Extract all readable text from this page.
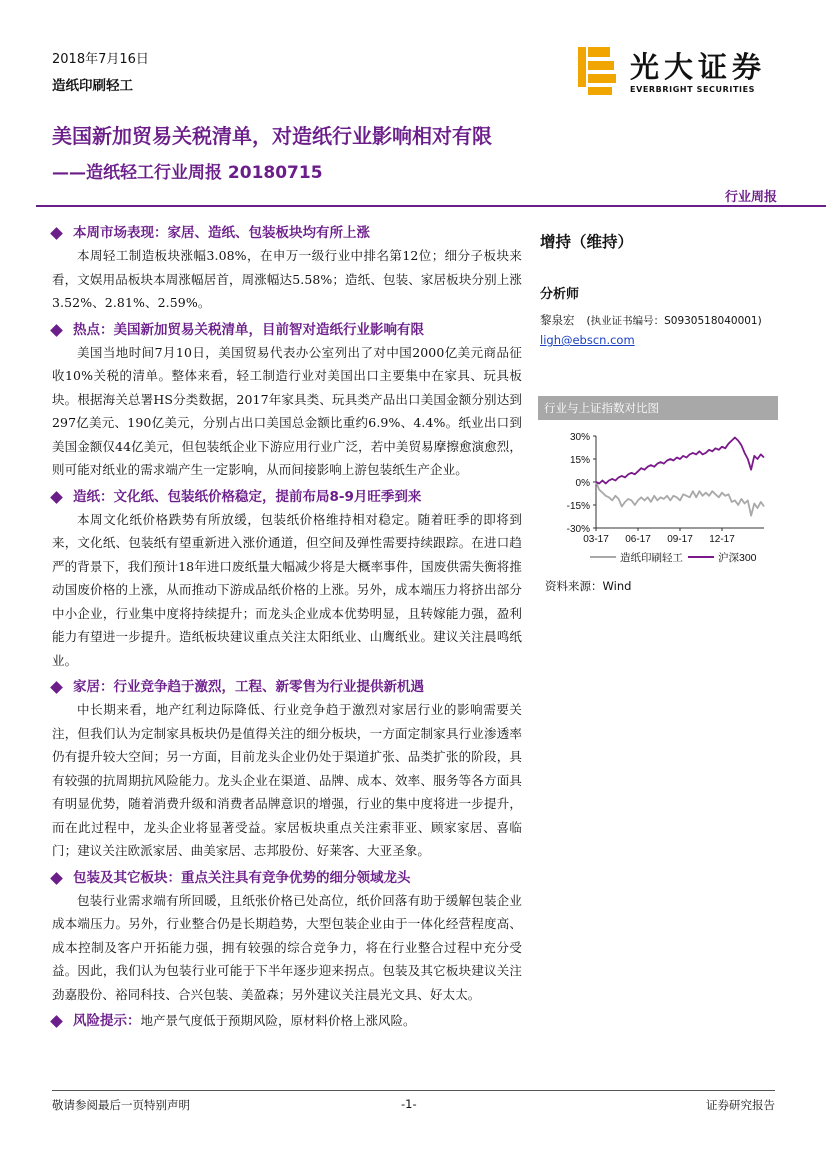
2018年7月16日
造纸印刷轻工
光大证券
EVERBRIGHT SECURITIES
美国新加贸易关税清单，对造纸行业影响相对有限
——造纸轻工行业周报 20180715
行业周报
本周市场表现：家居、造纸、包装板块均有所上涨

本周轻工制造板块涨幅3.08%，在申万一级行业中排名第12位；细分子板块来看，文娱用品板块本周涨幅居首，周涨幅达5.58%；造纸、包装、家居板块分别上涨3.52%、2.81%、2.59%。

热点：美国新加贸易关税清单，目前智对造纸行业影响有限

美国当地时间7月10日，美国贸易代表办公室列出了对中国2000亿美元商品征收10%关税的清单。整体来看，轻工制造行业对美国出口主要集中在家具、玩具板块。根据海关总署HS分类数据，2017年家具类、玩具类产品出口美国金额分别达到297亿美元、190亿美元，分别占出口美国总金额比重约6.9%、4.4%。纸业出口到美国金额仅44亿美元，但包装纸企业下游应用行业广泛，若中美贸易摩擦愈演愈烈，则可能对纸业的需求端产生一定影响，从而间接影响上游包装纸生产企业。

造纸：文化纸、包装纸价格稳定，提前布局8-9月旺季到来

本周文化纸价格跌势有所放缓，包装纸价格维持相对稳定。随着旺季的即将到来，文化纸、包装纸有望重新进入涨价通道，但空间及弹性需要持续跟踪。在进口趋严的背景下，我们预计18年进口废纸量大幅减少将是大概率事件，国废供需失衡将推动国废价格的上涨，从而推动下游成品纸价格的上涨。另外，成本端压力将挤出部分中小企业，行业集中度将持续提升；而龙头企业成本优势明显，且转嫁能力强，盈利能力有望进一步提升。造纸板块建议重点关注太阳纸业、山鹰纸业。建议关注晨鸣纸业。

家居：行业竞争趋于激烈，工程、新零售为行业提供新机遇

中长期来看，地产红利边际降低、行业竞争趋于激烈对家居行业的影响需要关注，但我们认为定制家具板块仍是值得关注的细分板块，一方面定制家具行业渗透率仍有提升较大空间；另一方面，目前龙头企业仍处于渠道扩张、品类扩张的阶段，具有较强的抗周期抗风险能力。龙头企业在渠道、品牌、成本、效率、服务等各方面具有明显优势，随着消费升级和消费者品牌意识的增强，行业的集中度将进一步提升，而在此过程中，龙头企业将显著受益。家居板块重点关注索菲亚、顾家家居、喜临门；建议关注欧派家居、曲美家居、志邦股份、好莱客、大亚圣象。

包装及其它板块：重点关注具有竞争优势的细分领域龙头

包装行业需求端有所回暖，且纸张价格已处高位，纸价回落有助于缓解包装企业成本端压力。另外，行业整合仍是长期趋势，大型包装企业由于一体化经营程度高、成本控制及客户开拓能力强，拥有较强的综合竞争力，将在行业整合过程中充分受益。因此，我们认为包装行业可能于下半年逐步迎来拐点。包装及其它板块建议关注劲嘉股份、裕同科技、合兴包装、美盈森；另外建议关注晨光文具、好太太。

风险提示： 地产景气度低于预期风险，原材料价格上涨风险。
增持（维持）
分析师
黎泉宏 (执业证书编号：S0930518040001)
ligh@ebscn.com
行业与上证指数对比图
30%
15%
0%
-15%
-30%
03-17 06-17 09-17 12-17
造纸印刷轻工	沪深300
资料来源：Wind
敬请参阅最后一页特别声明	-1-	证券研究报告
